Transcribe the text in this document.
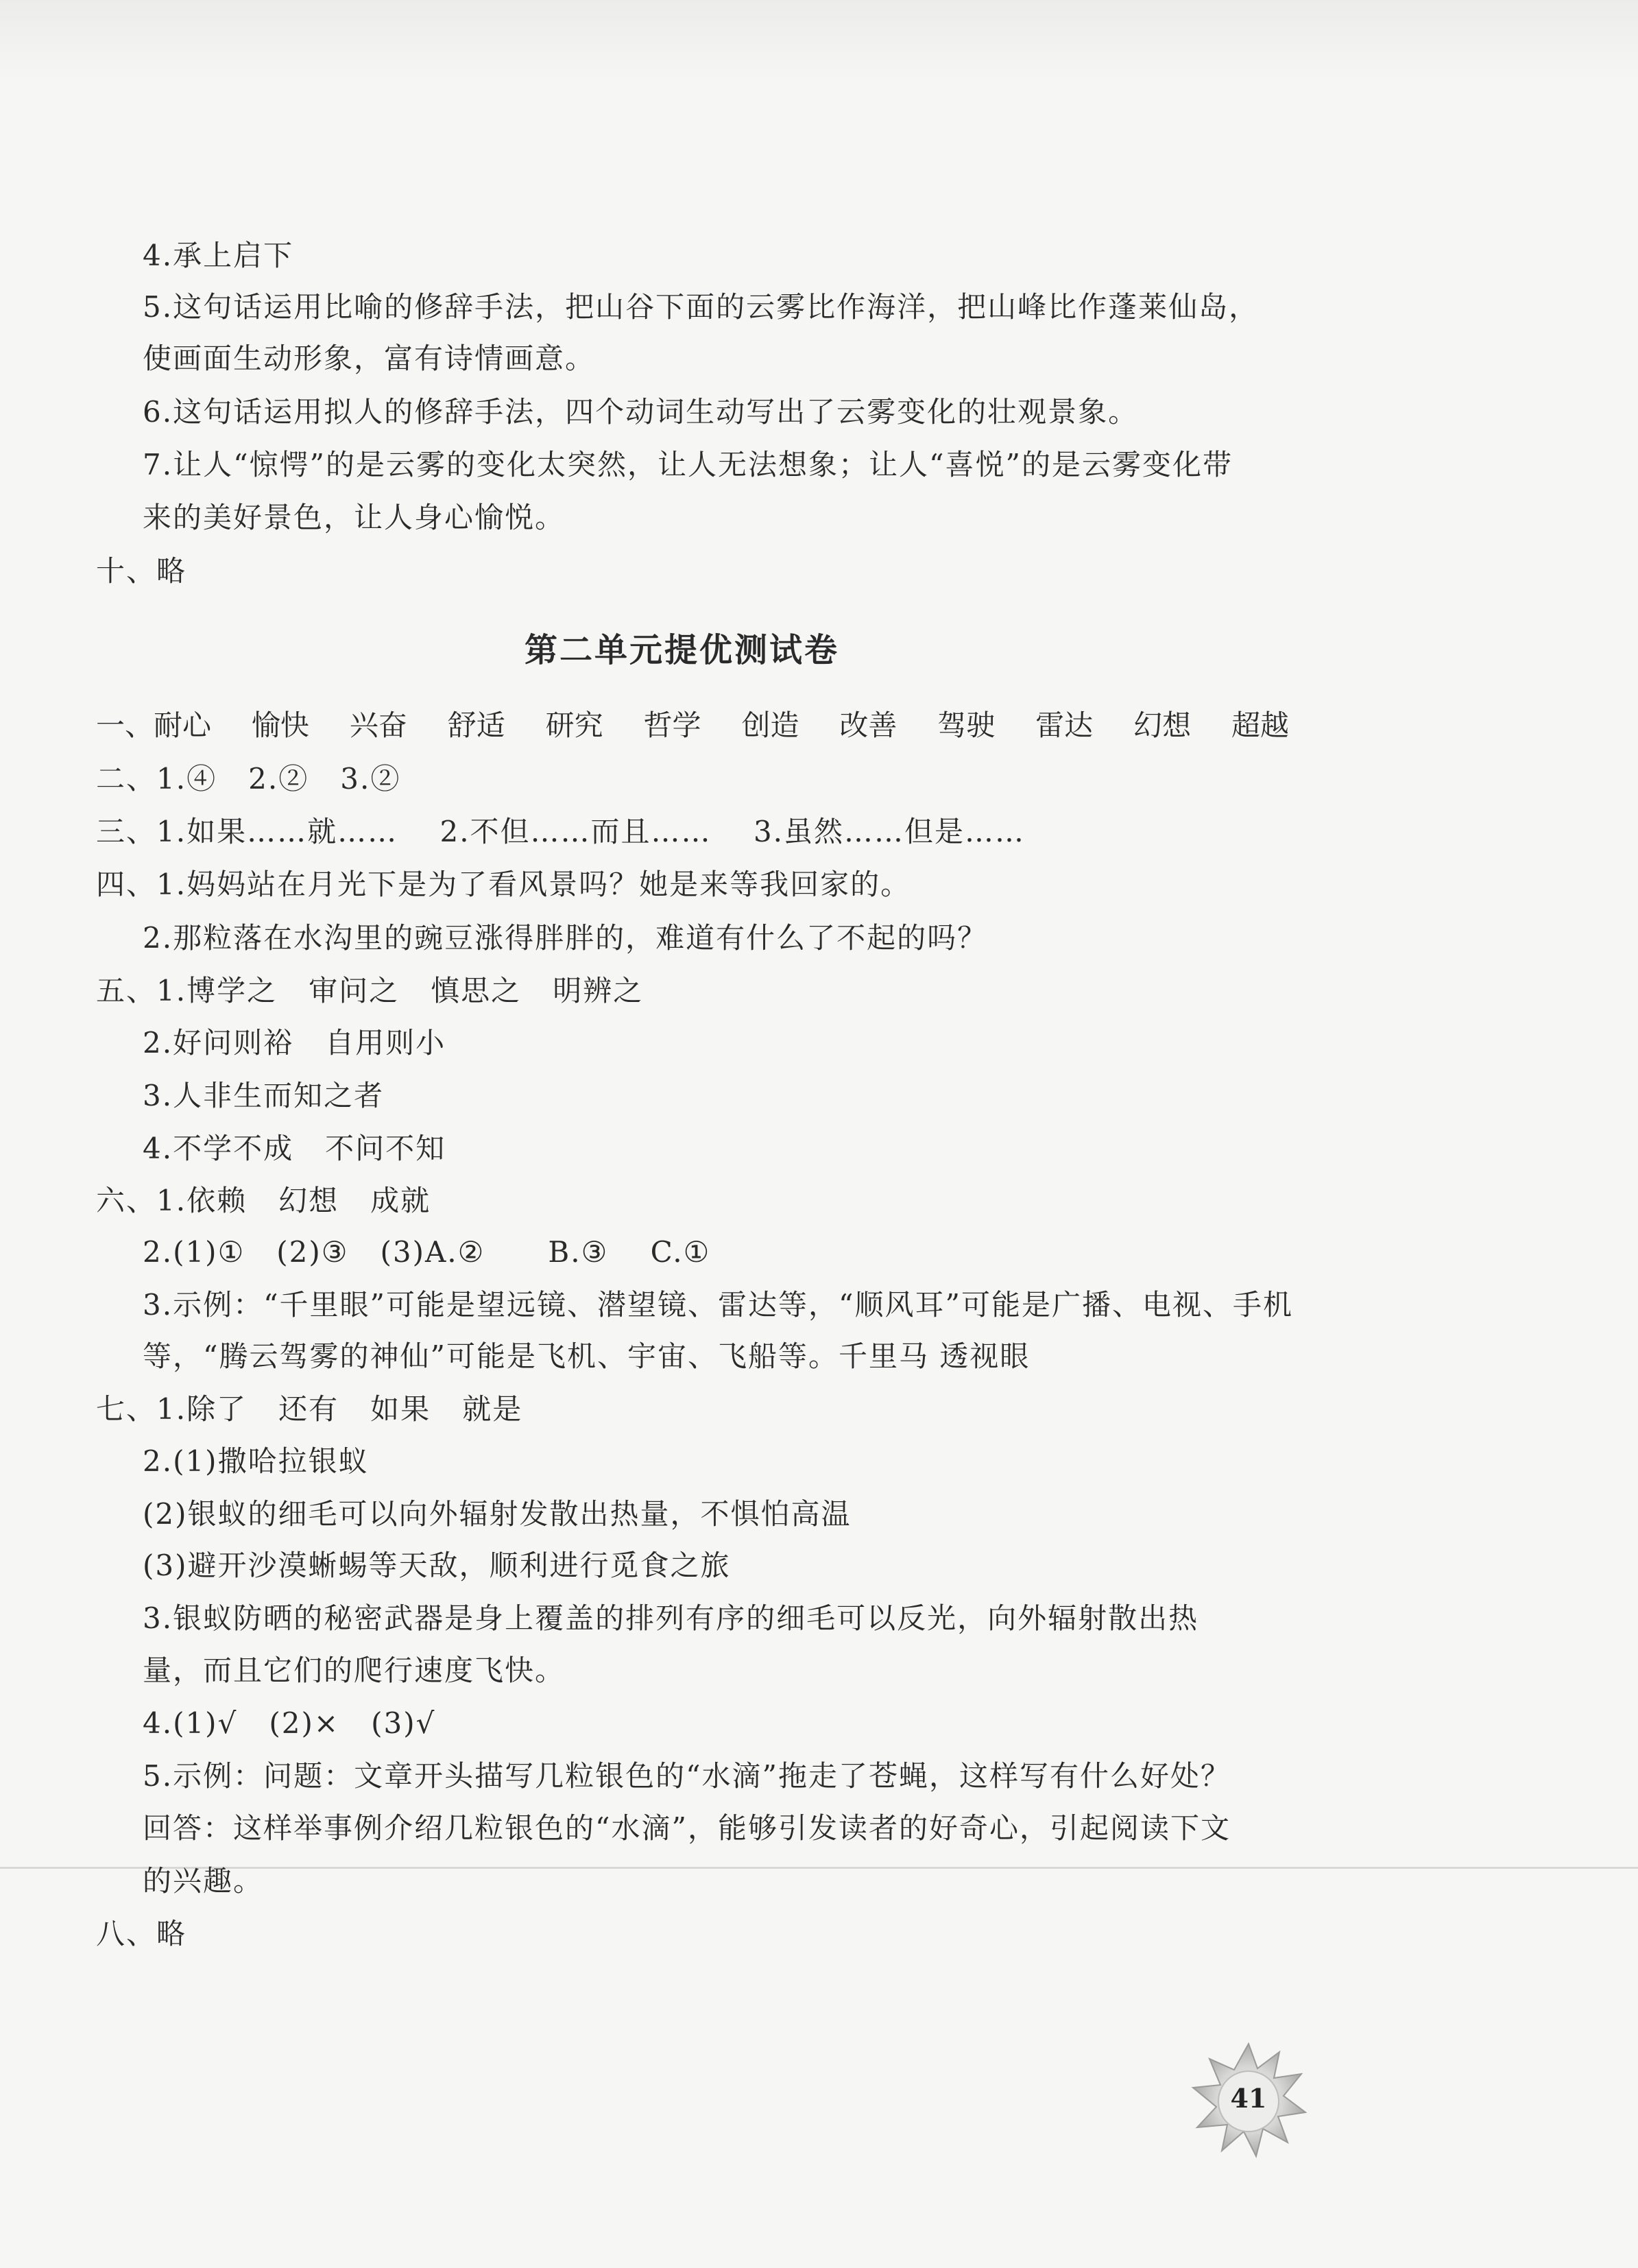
4.承上启下
5.这句话运用比喻的修辞手法，把山谷下面的云雾比作海洋，把山峰比作蓬莱仙岛，
使画面生动形象，富有诗情画意。
6.这句话运用拟人的修辞手法，四个动词生动写出了云雾变化的壮观景象。
7.让人“惊愕”的是云雾的变化太突然，让人无法想象；让人“喜悦”的是云雾变化带
来的美好景色，让人身心愉悦。
十、略
第二单元提优测试卷
一、耐心 愉快 兴奋 舒适 研究 哲学 创造 改善 驾驶 雷达 幻想 超越
二、1.④   2.②   3.②
三、1.如果……就……    2.不但……而且……    3.虽然……但是……
四、1.妈妈站在月光下是为了看风景吗？她是来等我回家的。
2.那粒落在水沟里的豌豆涨得胖胖的，难道有什么了不起的吗？
五、1.博学之   审问之   慎思之   明辨之
2.好问则裕   自用则小
3.人非生而知之者
4.不学不成   不问不知
六、1.依赖   幻想   成就
2.(1)①   (2)③   (3)A.②      B.③    C.①
3.示例：“千里眼”可能是望远镜、潜望镜、雷达等，“顺风耳”可能是广播、电视、手机
等，“腾云驾雾的神仙”可能是飞机、宇宙、飞船等。千里马 透视眼
七、1.除了   还有   如果   就是
2.(1)撒哈拉银蚁
(2)银蚁的细毛可以向外辐射发散出热量，不惧怕高温
(3)避开沙漠蜥蜴等天敌，顺利进行觅食之旅
3.银蚁防晒的秘密武器是身上覆盖的排列有序的细毛可以反光，向外辐射散出热
量，而且它们的爬行速度飞快。
4.(1)√   (2)×   (3)√
5.示例：问题：文章开头描写几粒银色的“水滴”拖走了苍蝇，这样写有什么好处？
回答：这样举事例介绍几粒银色的“水滴”，能够引发读者的好奇心，引起阅读下文
的兴趣。
八、略
41
